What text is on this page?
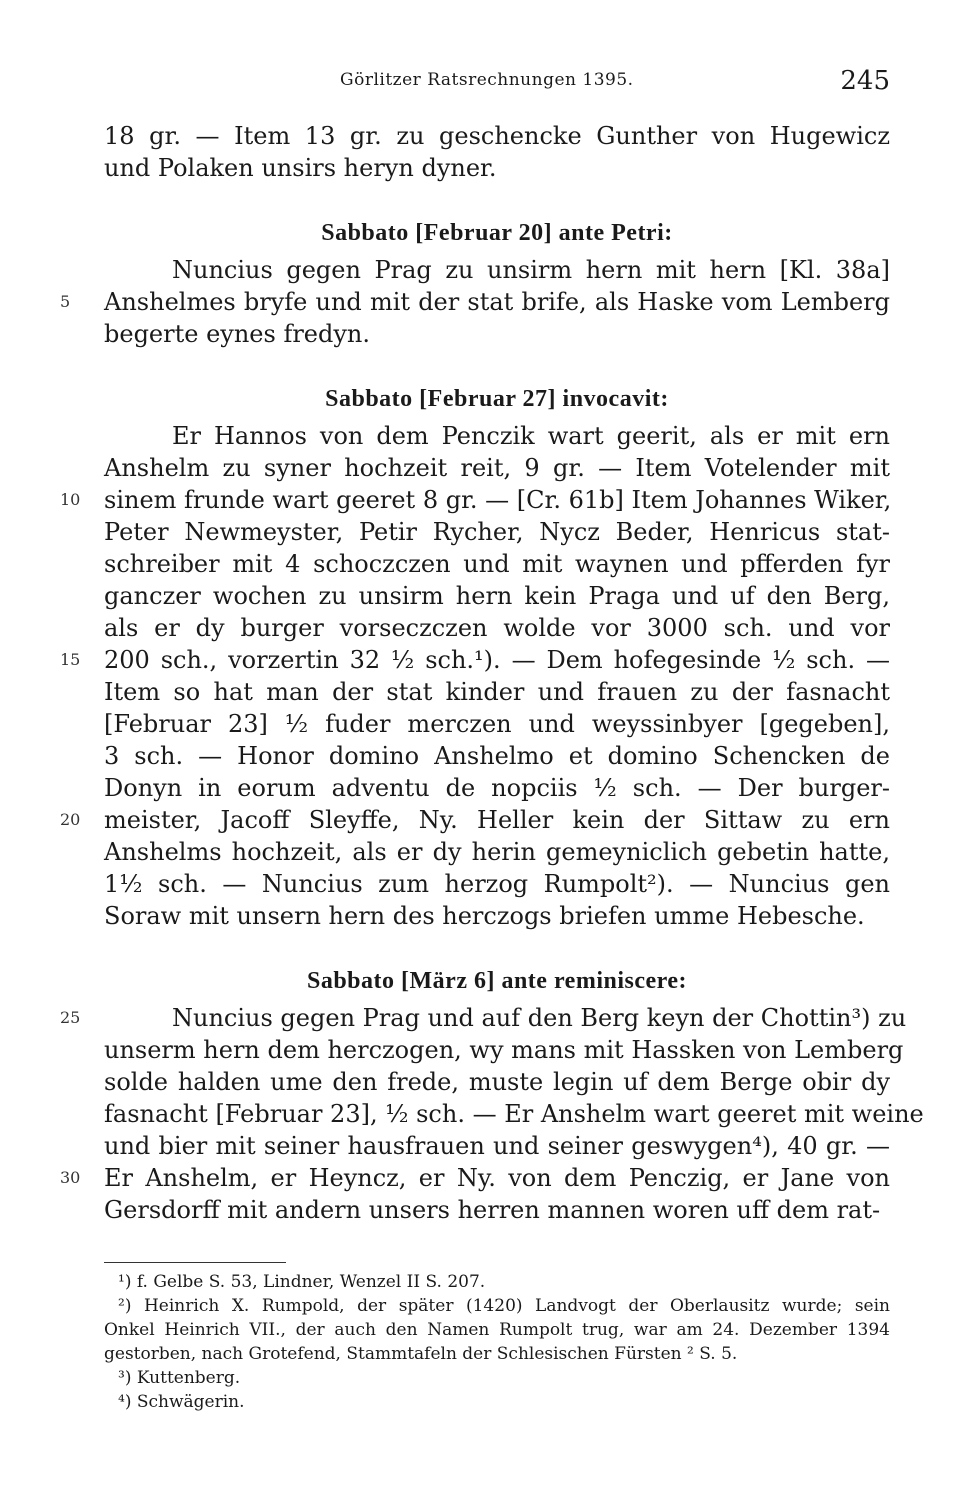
Görlitzer Ratsrechnungen 1395.	245
18 gr. — Item 13 gr. zu geschencke Gunther von Hugewicz
und Polaken unsirs heryn dyner.
Sabbato [Februar 20] ante Petri:
Nuncius gegen Prag zu unsirm hern mit hern [Kl. 38a]
5 Anshelmes bryfe und mit der stat brife, als Haske vom Lemberg
begerte eynes fredyn.
Sabbato [Februar 27] invocavit:
Er Hannos von dem Penczik wart geerit, als er mit ern
Anshelm zu syner hochzeit reit, 9 gr. — Item Votelender mit
10 sinem frunde wart geeret 8 gr. — [Cr. 61b] Item Johannes Wiker,
Peter Newmeyster, Petir Rycher, Nycz Beder, Henricus stat-
schreiber mit 4 schoczczen und mit waynen und pfferden fyr
ganczer wochen zu unsirm hern kein Praga und uf den Berg,
als er dy burger vorseczczen wolde vor 3000 sch. und vor
15 200 sch., vorzertin 32 ½ sch.¹). — Dem hofegesinde ½ sch. —
Item so hat man der stat kinder und frauen zu der fasnacht
[Februar 23] ½ fuder merczen und weyssinbyer [gegeben],
3 sch. — Honor domino Anshelmo et domino Schencken de
Donyn in eorum adventu de nopciis ½ sch. — Der burger-
20 meister, Jacoff Sleyffe, Ny. Heller kein der Sittaw zu ern
Anshelms hochzeit, als er dy herin gemeyniclich gebetin hatte,
1½ sch. — Nuncius zum herzog Rumpolt²). — Nuncius gen
Soraw mit unsern hern des herczogs briefen umme Hebesche.
Sabbato [März 6] ante reminiscere:
25	Nuncius gegen Prag und auf den Berg keyn der Chottin³) zu
unserm hern dem herczogen, wy mans mit Hassken von Lemberg
solde halden ume den frede, muste legin uf dem Berge obir dy
fasnacht [Februar 23], ½ sch. — Er Anshelm wart geeret mit weine
und bier mit seiner hausfrauen und seiner geswygen⁴), 40 gr. —
30 Er Anshelm, er Heyncz, er Ny. von dem Penczig, er Jane von
Gersdorff mit andern unsers herren mannen woren uff dem rat-
¹) f. Gelbe S. 53, Lindner, Wenzel II S. 207.
²) Heinrich X. Rumpold, der später (1420) Landvogt der Oberlausitz wurde; sein
Onkel Heinrich VII., der auch den Namen Rumpolt trug, war am 24. Dezember 1394
gestorben, nach Grotefend, Stammtafeln der Schlesischen Fürsten ² S. 5.
³) Kuttenberg.
⁴) Schwägerin.
